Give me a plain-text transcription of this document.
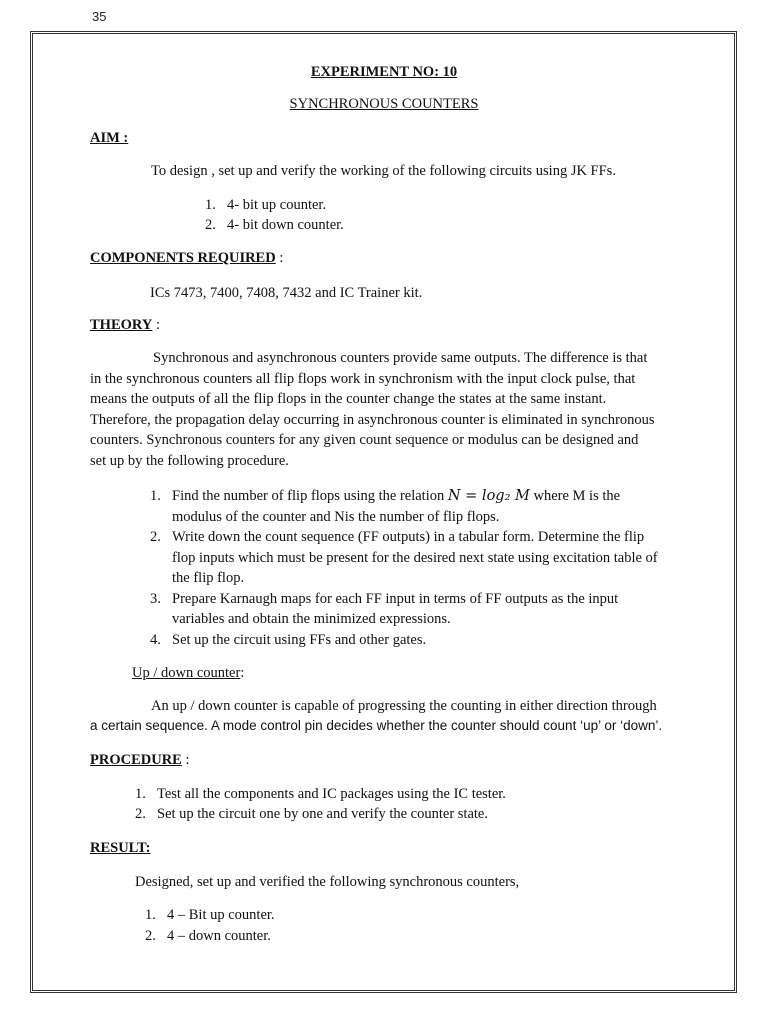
35
EXPERIMENT NO: 10
SYNCHRONOUS COUNTERS
AIM :
To design , set up and verify the working of the following circuits using JK FFs.
1. 4- bit up counter.
2. 4- bit down counter.
COMPONENTS REQUIRED :
ICs 7473, 7400, 7408, 7432 and IC Trainer kit.
THEORY :
Synchronous and asynchronous counters provide same outputs. The difference is that
in the synchronous counters all flip flops work in synchronism with the input clock pulse, that
means the outputs of all the flip flops in the counter change the states at the same instant.
Therefore, the propagation delay occurring in asynchronous counter is eliminated in synchronous
counters. Synchronous counters for any given count sequence or modulus can be designed and
set up by the following procedure.
1. Find the number of flip flops using the relation N = log₂ M where M is the
modulus of the counter and Nis the number of flip flops.
2. Write down the count sequence (FF outputs) in a tabular form. Determine the flip
flop inputs which must be present for the desired next state using excitation table of
the flip flop.
3. Prepare Karnaugh maps for each FF input in terms of FF outputs as the input
variables and obtain the minimized expressions.
4. Set up the circuit using FFs and other gates.
Up / down counter:
An up / down counter is capable of progressing the counting in either direction through
a certain sequence. A mode control pin decides whether the counter should count ‘up’ or ‘down’.
PROCEDURE :
1. Test all the components and IC packages using the IC tester.
2. Set up the circuit one by one and verify the counter state.
RESULT:
Designed, set up and verified the following synchronous counters,
1. 4 – Bit up counter.
2. 4 – down counter.
